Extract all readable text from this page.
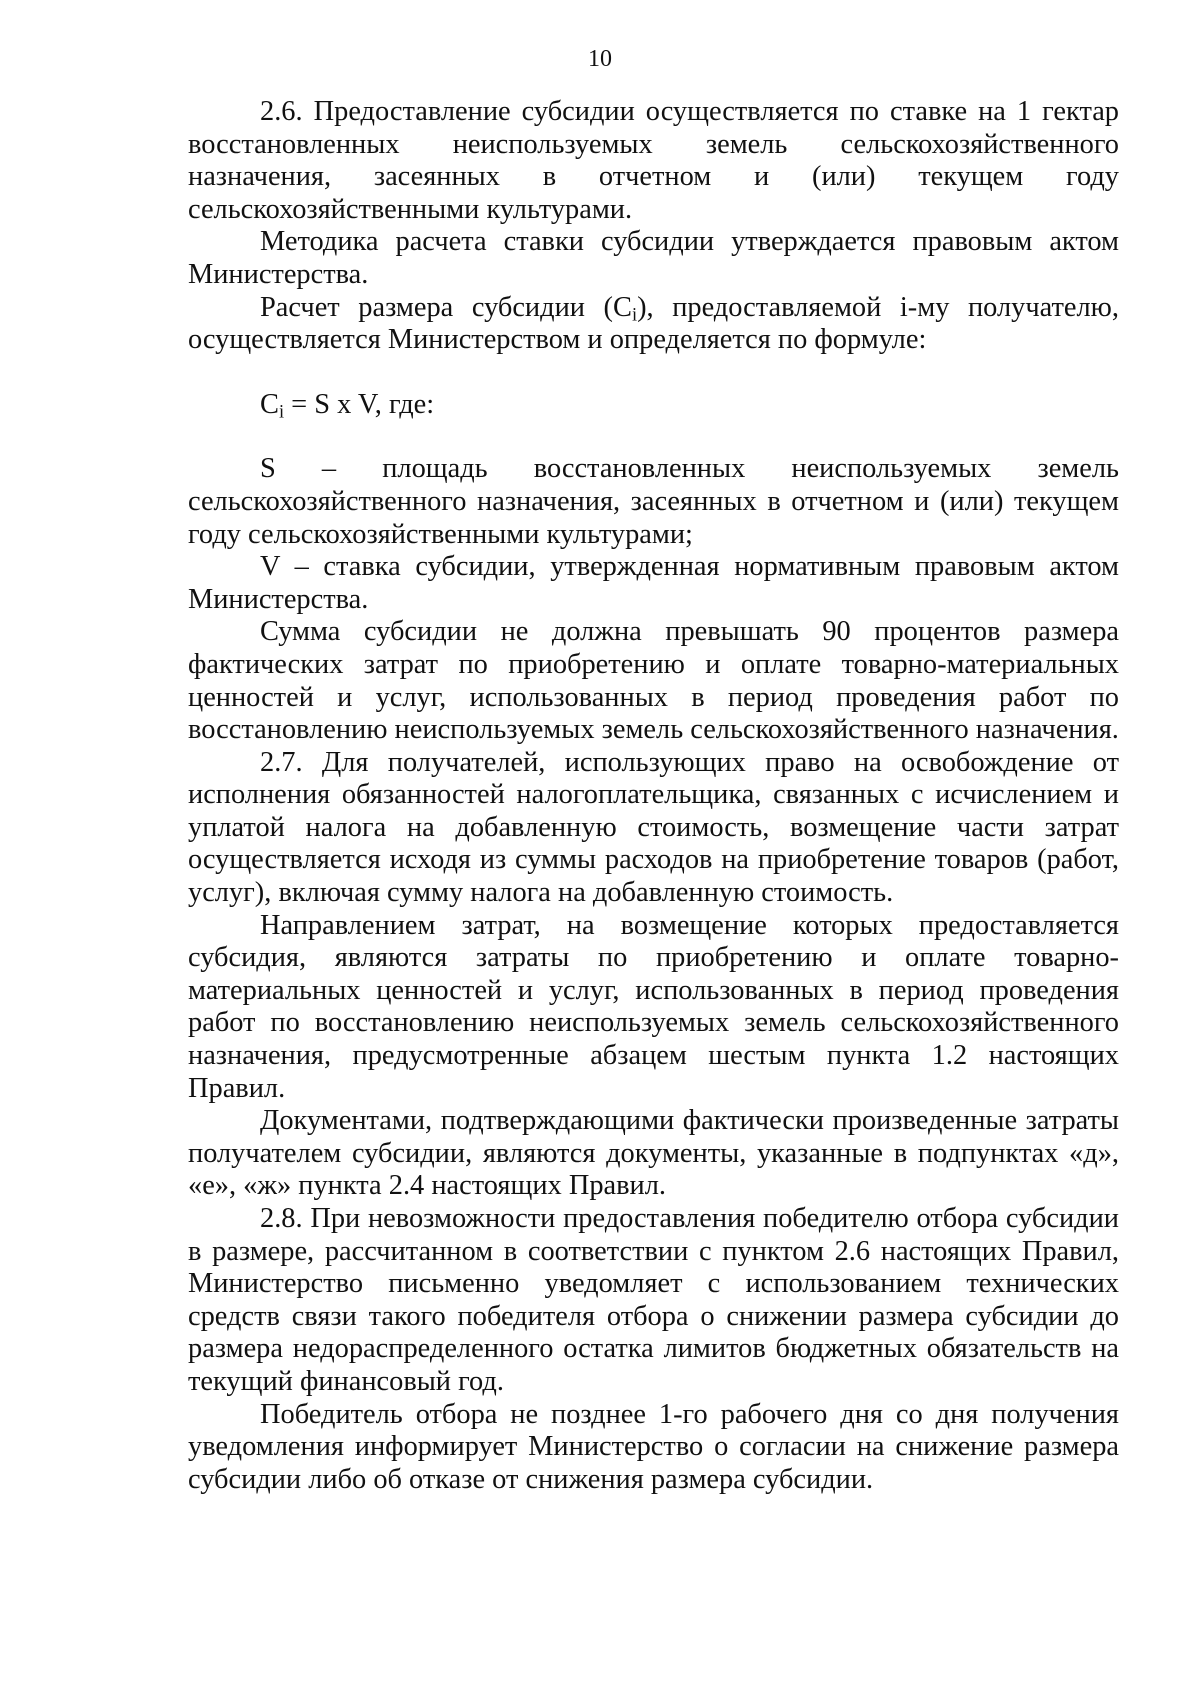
10

2.6. Предоставление субсидии осуществляется по ставке на 1 гектар восстановленных неиспользуемых земель сельскохозяйственного назначения, засеянных в отчетном и (или) текущем году сельскохозяйственными культурами.

Методика расчета ставки субсидии утверждается правовым актом Министерства.

Расчет размера субсидии $(C_i)$, предоставляемой i-му получателю, осуществляется Министерством и определяется по формуле:

$C_i = S$ x V, где:

S – площадь восстановленных неиспользуемых земель сельскохозяйственного назначения, засеянных в отчетном и (или) текущем году сельскохозяйственными культурами;

V – ставка субсидии, утвержденная нормативным правовым актом Министерства.

Сумма субсидии не должна превышать 90 процентов размера фактических затрат по приобретению и оплате товарно-материальных ценностей и услуг, использованных в период проведения работ по восстановлению неиспользуемых земель сельскохозяйственного назначения.

2.7. Для получателей, использующих право на освобождение от исполнения обязанностей налогоплательщика, связанных с исчислением и уплатой налога на добавленную стоимость, возмещение части затрат осуществляется исходя из суммы расходов на приобретение товаров (работ, услуг), включая сумму налога на добавленную стоимость.

Направлением затрат, на возмещение которых предоставляется субсидия, являются затраты по приобретению и оплате товарно-материальных ценностей и услуг, использованных в период проведения работ по восстановлению неиспользуемых земель сельскохозяйственного назначения, предусмотренные абзацем шестым пункта 1.2 настоящих Правил.

Документами, подтверждающими фактически произведенные затраты получателем субсидии, являются документы, указанные в подпунктах «д», «е», «ж» пункта 2.4 настоящих Правил.

2.8. При невозможности предоставления победителю отбора субсидии в размере, рассчитанном в соответствии с пунктом 2.6 настоящих Правил, Министерство письменно уведомляет с использованием технических средств связи такого победителя отбора о снижении размера субсидии до размера недораспределенного остатка лимитов бюджетных обязательств на текущий финансовый год.

Победитель отбора не позднее 1-го рабочего дня со дня получения уведомления информирует Министерство о согласии на снижение размера субсидии либо об отказе от снижения размера субсидии.
